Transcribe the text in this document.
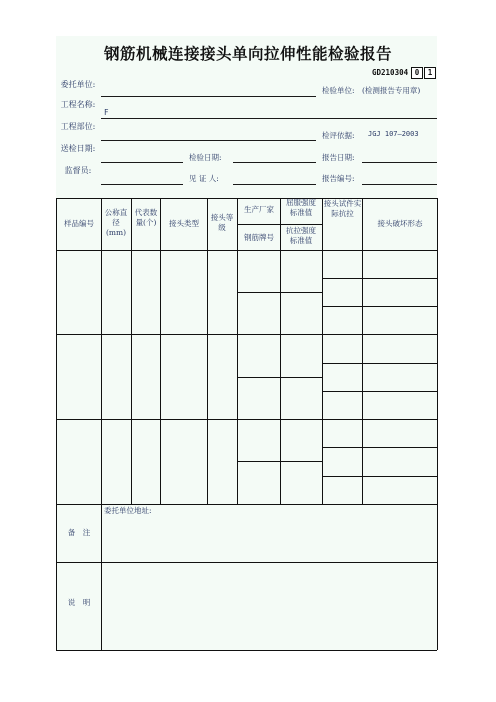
钢筋机械连接接头单向拉伸性能检验报告
GD210304 0	1
委托单位:
工程名称:
工程部位:
送检日期:
监督员:
F
检验日期:
见 证 人:
检验单位: (检测报告专用章)
检评依据: JGJ 107—2003
报告日期:
报告编号:
样品编号
公称直径(mm)
代表数量(个)	接头类型
接头等级
生产厂家
钢筋牌号
屈服强度标准值
抗拉强度标准值
接头试件实际抗拉
接头破坏形态
备　注
委托单位地址:
说　明
